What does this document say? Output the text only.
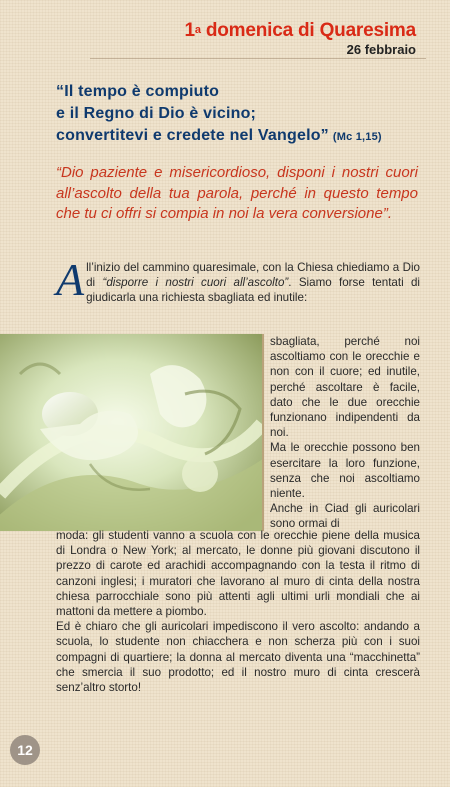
1$^a$ domenica di Quaresima
26 febbraio
“Il tempo è compiuto
e il Regno di Dio è vicino;
convertitevi e credete nel Vangelo” (Mc 1,15)
“Dio paziente e misericordioso, disponi i nostri cuori all’ascolto della tua parola, perché in questo tempo che tu ci offri si compia in noi la vera conversione”.
All’inizio del cammino quaresimale, con la Chiesa chiediamo a Dio di “disporre i nostri cuori all’ascolto”. Siamo forse tentati di giudicarla una richiesta sbagliata ed inutile:

sbagliata, perché noi ascoltiamo con le orecchie e non con il cuore; ed inutile, perché ascoltare è facile, dato che le due orecchie funzionano indipendenti da noi.

Ma le orecchie possono ben esercitare la loro funzione, senza che noi ascoltiamo niente.

Anche in Ciad gli auricolari sono ormai di

moda: gli studenti vanno a scuola con le orecchie piene della musica di Londra o New York; al mercato, le donne più giovani discutono il prezzo di carote ed arachidi accompagnando con la testa il ritmo di canzoni inglesi; i muratori che lavorano al muro di cinta della nostra chiesa parrocchiale sono più attenti agli ultimi urli mondiali che ai mattoni da mettere a piombo.

Ed è chiaro che gli auricolari impediscono il vero ascolto: andando a scuola, lo studente non chiacchera e non scherza più con i suoi compagni di quartiere; la donna al mercato diventa una “macchinetta” che smercia il suo prodotto; ed il nostro muro di cinta crescerà senz’altro storto!

12
